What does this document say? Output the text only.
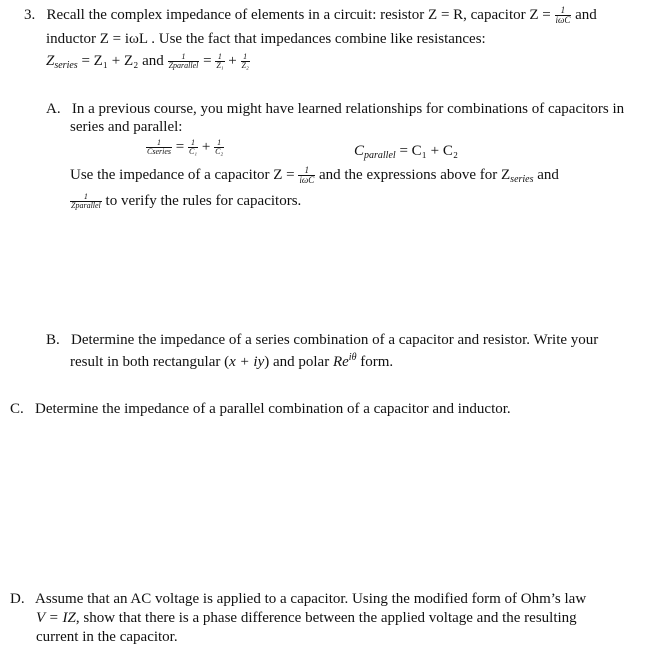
3. Recall the complex impedance of elements in a circuit: resistor Z = R, capacitor $Z = \frac{1}{\text{iωC}}$ and
inductor Z = iωL . Use the fact that impedances combine like resistances:
$Z_{series} = Z_1 + Z_2$ and $\frac{1}{\text{Zparallel}} = \frac{1}{\text{Z₁}} + \frac{1}{\text{Z₂}}$
A. In a previous course, you might have learned relationships for combinations of capacitors in
series and parallel:
$\frac{1}{\text{Cseries}} = \frac{1}{\text{C₁}} + \frac{1}{\text{C₂}}$	$C_{parallel} = C_1 + C_2$
Use the impedance of a capacitor $Z = \frac{1}{\text{iωC}}$ and the expressions above for $Z_{series}$ and
$\frac{1}{\text{Zparallel}}$ to verify the rules for capacitors.
B. Determine the impedance of a series combination of a capacitor and resistor. Write your
result in both rectangular (x + iy) and polar $Re^{i\theta}$ form.
C. Determine the impedance of a parallel combination of a capacitor and inductor.
D. Assume that an AC voltage is applied to a capacitor. Using the modified form of Ohm’s law
V = IZ, show that there is a phase difference between the applied voltage and the resulting
current in the capacitor.
